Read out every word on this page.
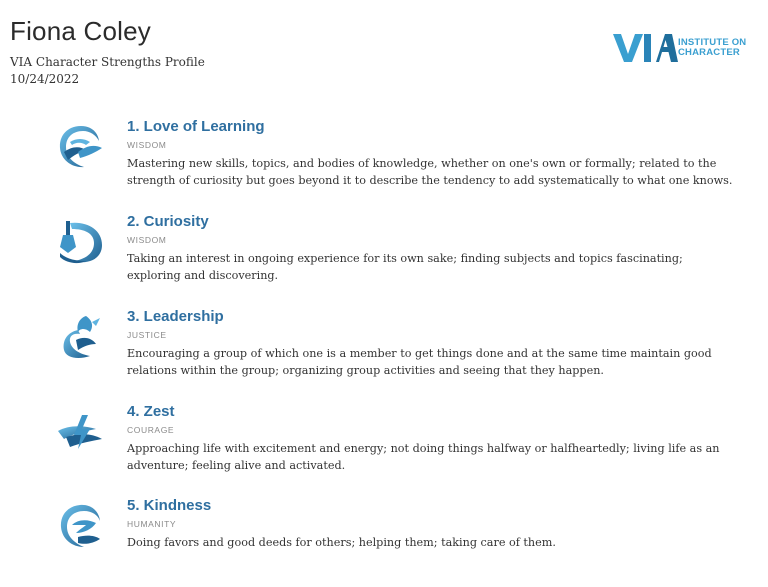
Fiona Coley
VIA Character Strengths Profile
10/24/2022
INSTITUTE ON
CHARACTER
1. Love of Learning
WISDOM
Mastering new skills, topics, and bodies of knowledge, whether on one's own or formally; related to the strength of curiosity but goes beyond it to describe the tendency to add systematically to what one knows.
2. Curiosity
WISDOM
Taking an interest in ongoing experience for its own sake; finding subjects and topics fascinating; exploring and discovering.
3. Leadership
JUSTICE
Encouraging a group of which one is a member to get things done and at the same time maintain good relations within the group; organizing group activities and seeing that they happen.
4. Zest
COURAGE
Approaching life with excitement and energy; not doing things halfway or halfheartedly; living life as an adventure; feeling alive and activated.
5. Kindness
HUMANITY
Doing favors and good deeds for others; helping them; taking care of them.
